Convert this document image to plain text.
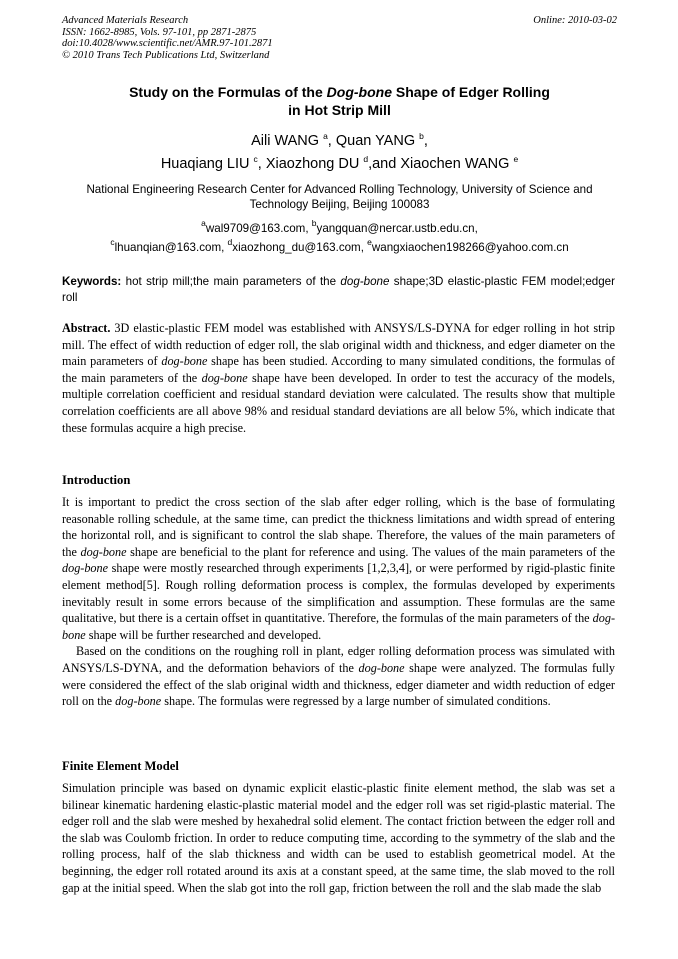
Advanced Materials Research
ISSN: 1662-8985, Vols. 97-101, pp 2871-2875
doi:10.4028/www.scientific.net/AMR.97-101.2871
© 2010 Trans Tech Publications Ltd, Switzerland
Online: 2010-03-02
Study on the Formulas of the Dog-bone Shape of Edger Rolling
in Hot Strip Mill
Aili WANG $^a$, Quan YANG $^b$,
Huaqiang LIU $^c$, Xiaozhong DU $^d$,and Xiaochen WANG $^e$
National Engineering Research Center for Advanced Rolling Technology, University of Science and
Technology Beijing, Beijing 100083
$^a$wal9709@163.com, $^b$yangquan@nercar.ustb.edu.cn,
$^c$lhuanqian@163.com, $^d$xiaozhong_du@163.com, $^e$wangxiaochen198266@yahoo.com.cn
Keywords: hot strip mill;the main parameters of the dog-bone shape;3D elastic-plastic FEM model;edger roll

Abstract. 3D elastic-plastic FEM model was established with ANSYS/LS-DYNA for edger rolling in hot strip mill. The effect of width reduction of edger roll, the slab original width and thickness, and edger diameter on the main parameters of dog-bone shape has been studied. According to many simulated conditions, the formulas of the main parameters of the dog-bone shape have been developed. In order to test the accuracy of the models, multiple correlation coefficient and residual standard deviation were calculated. The results show that multiple correlation coefficients are all above 98% and residual standard deviations are all below 5%, which indicate that these formulas acquire a high precise.

Introduction

It is important to predict the cross section of the slab after edger rolling, which is the base of formulating reasonable rolling schedule, at the same time, can predict the thickness limitations and width spread of entering the horizontal roll, and is significant to control the slab shape. Therefore, the values of the main parameters of the dog-bone shape are beneficial to the plant for reference and using. The values of the main parameters of the dog-bone shape were mostly researched through experiments [1,2,3,4], or were performed by rigid-plastic finite element method[5]. Rough rolling deformation process is complex, the formulas developed by experiments inevitably result in some errors because of the simplification and assumption. These formulas are the same qualitative, but there is a certain offset in quantitative. Therefore, the formulas of the main parameters of the dog-bone shape will be further researched and developed.

Based on the conditions on the roughing roll in plant, edger rolling deformation process was simulated with ANSYS/LS-DYNA, and the deformation behaviors of the dog-bone shape were analyzed. The formulas fully were considered the effect of the slab original width and thickness, edger diameter and width reduction of edger roll on the dog-bone shape. The formulas were regressed by a large number of simulated conditions.

Finite Element Model

Simulation principle was based on dynamic explicit elastic-plastic finite element method, the slab was set a bilinear kinematic hardening elastic-plastic material model and the edger roll was set rigid-plastic material. The edger roll and the slab were meshed by hexahedral solid element. The contact friction between the edger roll and the slab was Coulomb friction. In order to reduce computing time, according to the symmetry of the slab and the rolling process, half of the slab thickness and width can be used to establish geometrical model. At the beginning, the edger roll rotated around its axis at a constant speed, at the same time, the slab moved to the roll gap at the initial speed. When the slab got into the roll gap, friction between the roll and the slab made the slab
